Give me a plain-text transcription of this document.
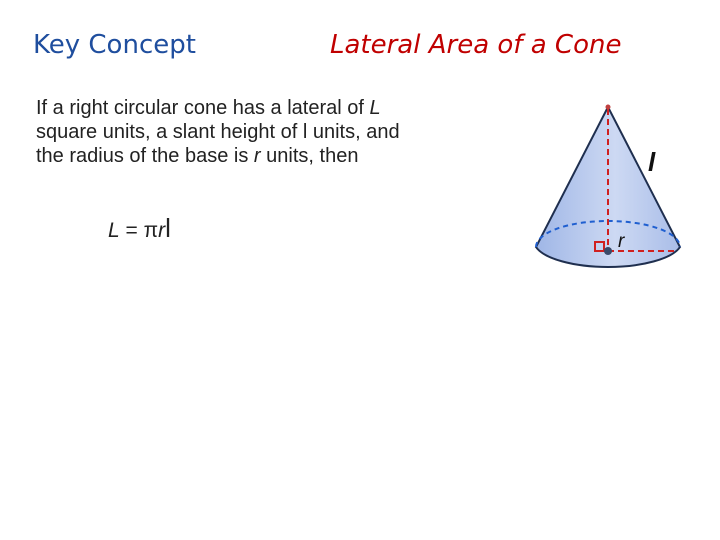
Key Concept	Lateral Area of a Cone
If a right circular cone has a lateral of L
square units, a slant height of l units, and
the radius of the base is r units, then
L = πrl
l
r
